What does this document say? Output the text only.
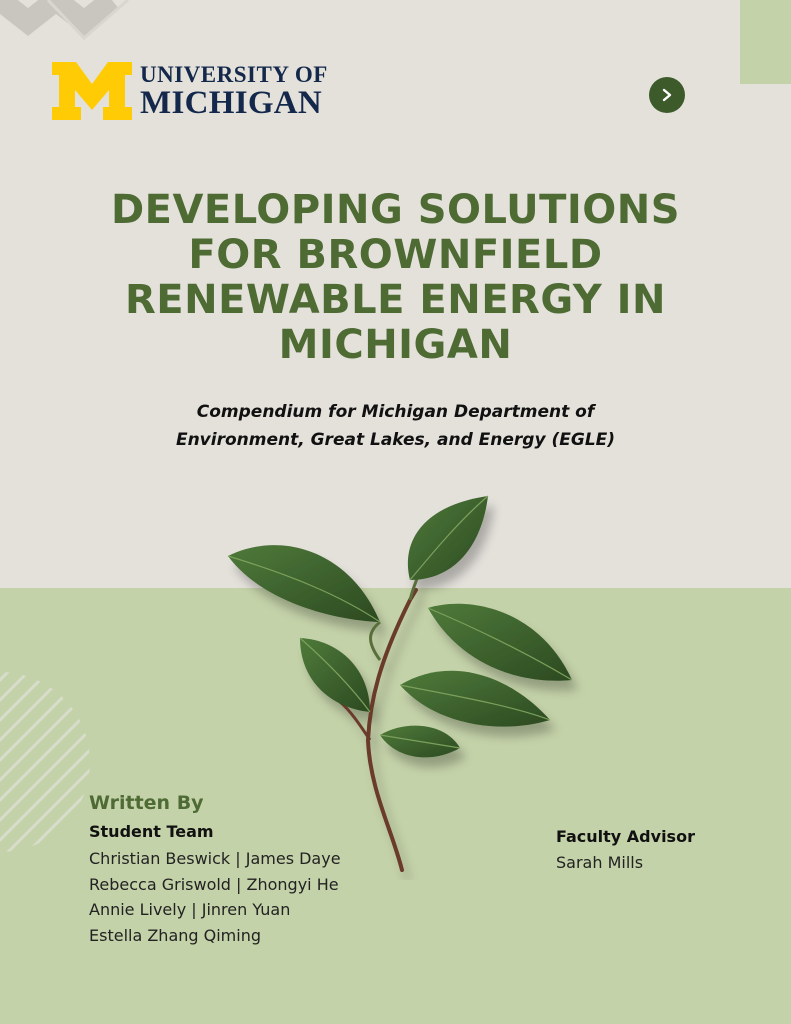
UNIVERSITY OF
MICHIGAN
DEVELOPING SOLUTIONS
FOR BROWNFIELD
RENEWABLE ENERGY IN
MICHIGAN
Compendium for Michigan Department of
Environment, Great Lakes, and Energy (EGLE)
Written By
Student Team
Christian Beswick | James Daye
Rebecca Griswold | Zhongyi He
Annie Lively | Jinren Yuan
Estella Zhang Qiming
Faculty Advisor
Sarah Mills
